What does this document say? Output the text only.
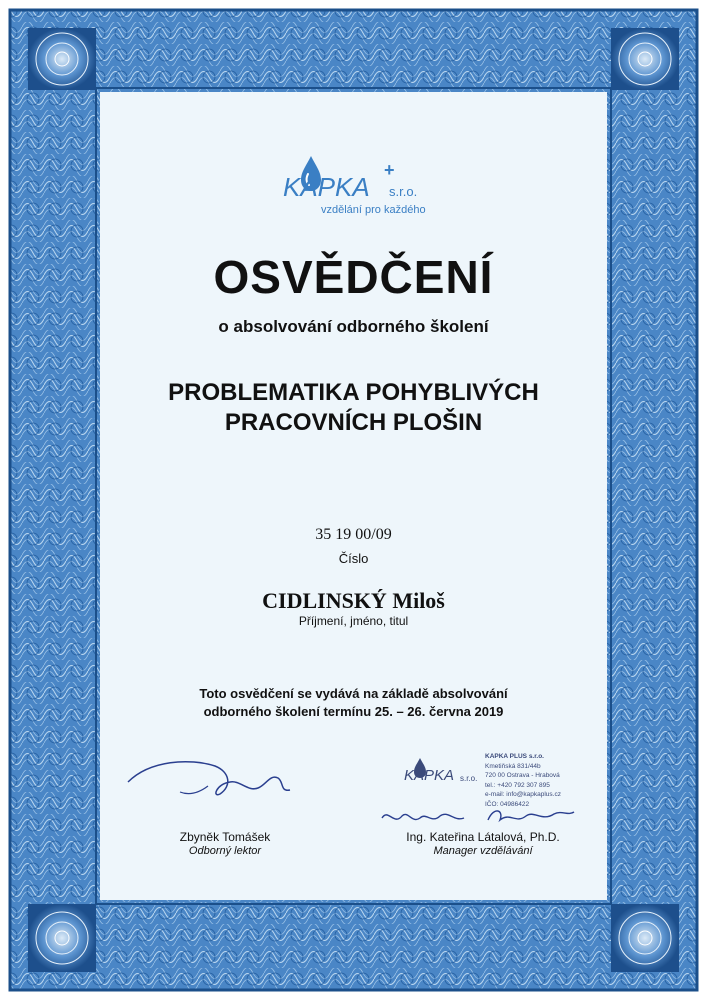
KAPKA
+
s.r.o.
vzdělání pro každého
OSVĚDČENÍ
o absolvování odborného školení
PROBLEMATIKA POHYBLIVÝCH
PRACOVNÍCH PLOŠIN
35 19 00/09
Číslo
CIDLINSKÝ Miloš
Příjmení, jméno, titul
Toto osvědčení se vydává na základě absolvování
odborného školení termínu 25. – 26. června 2019
Zbyněk Tomášek
Odborný lektor
KAPKA s.r.o.
KAPKA PLUS s.r.o.
Kmetiňská 831/44b
720 00 Ostrava - Hrabová
tel.: +420 792 307 895
e-mail: info@kapkaplus.cz
IČO: 04986422
Ing. Kateřina Látalová, Ph.D.
Manager vzdělávání
